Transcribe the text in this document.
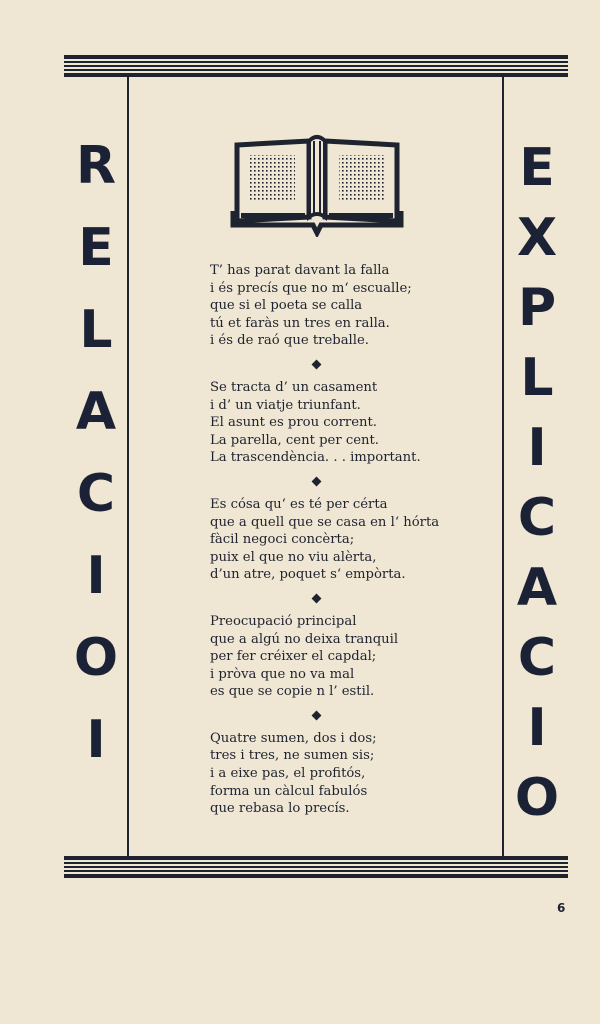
R
E
L
A
C
I
O
I
E
X
P
L
I
C
A
C
I
O
T’ has parat davant la falla
i és precís que no m‘ escualle;
que si el poeta se calla
tú et faràs un tres en ralla.
i és de raó que treballe.
Se tracta d’ un casament
i d’ un viatje triunfant.
El asunt es prou corrent.
La parella, cent per cent.
La trascendència. . . important.
Es cósa qu‘ es té per cérta
que a quell que se casa en l‘ hórta
fàcil negoci concèrta;
puix el que no viu alèrta,
d’un atre, poquet s‘ empòrta.
Preocupació principal
que a algú no deixa tranquil
per fer créixer el capdal;
i pròva que no va mal
es que se copie n l’ estil.
Quatre sumen, dos i dos;
tres i tres, ne sumen sis;
i a eixe pas, el profitós,
forma un càlcul fabulós
que rebasa lo precís.
6
